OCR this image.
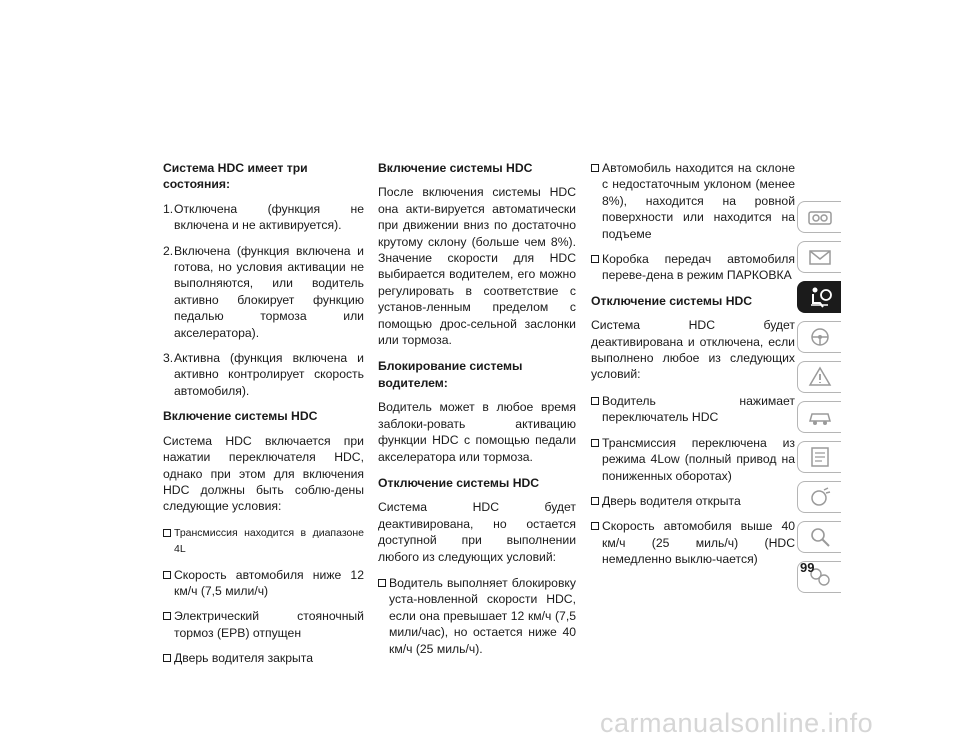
Система HDC имеет три состояния:
1. Отключена (функция не включена и не активируется).
2. Включена (функция включена и готова, но условия активации не выполняются, или водитель активно блокирует функцию педалью тормоза или акселератора).
3. Активна (функция включена и активно контролирует скорость автомобиля).
Включение системы HDC
Система HDC включается при нажатии переключателя HDC, однако при этом для включения HDC должны быть соблю-дены следующие условия:
Трансмиссия находится в диапазоне 4L
Скорость автомобиля ниже 12 км/ч (7,5 мили/ч)
Электрический стояночный тормоз (EPB) отпущен
Дверь водителя закрыта
Включение системы HDC
После включения системы HDC она акти-вируется автоматически при движении вниз по достаточно крутому склону (больше чем 8%). Значение скорости для HDC выбирается водителем, его можно регулировать в соответствие с установ-ленным пределом с помощью дрос-сельной заслонки или тормоза.
Блокирование системы водителем:
Водитель может в любое время заблоки-ровать активацию функции HDC с помощью педали акселератора или тормоза.
Отключение системы HDC
Система HDC будет деактивирована, но остается доступной при выполнении любого из следующих условий:
Водитель выполняет блокировку уста-новленной скорости HDC, если она превышает 12 км/ч (7,5 мили/час), но остается ниже 40 км/ч (25 миль/ч).
Автомобиль находится на склоне с недостаточным уклоном (менее 8%), находится на ровной поверхности или находится на подъеме
Коробка передач автомобиля переве-дена в режим ПАРКОВКА
Отключение системы HDC
Система HDC будет деактивирована и отключена, если выполнено любое из следующих условий:
Водитель нажимает переключатель HDC
Трансмиссия переключена из режима 4Low (полный привод на пониженных оборотах)
Дверь водителя открыта
Скорость автомобиля выше 40 км/ч (25 миль/ч) (HDC немедленно выклю-чается)
99
carmanualsonline.info
